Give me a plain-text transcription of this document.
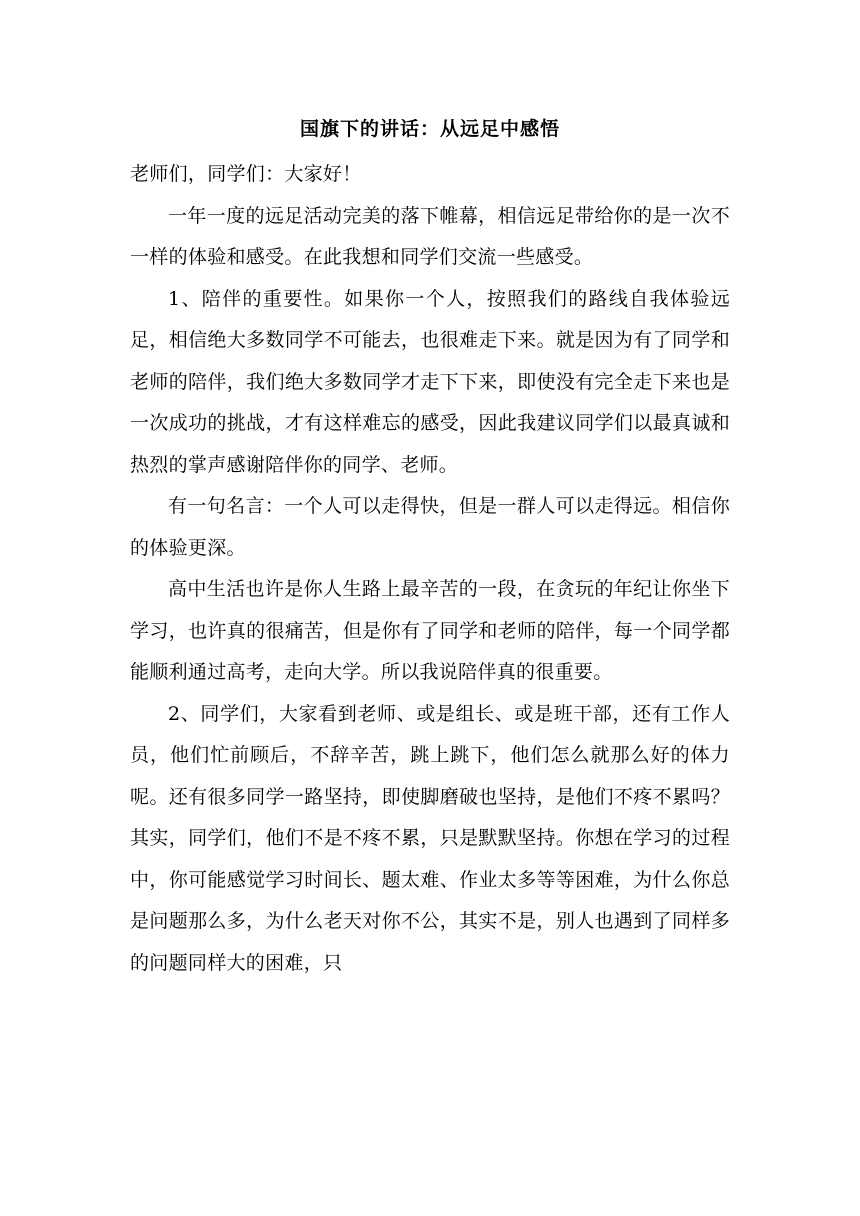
国旗下的讲话：从远足中感悟

老师们，同学们：大家好！

一年一度的远足活动完美的落下帷幕，相信远足带给你的是一次不一样的体验和感受。在此我想和同学们交流一些感受。

1、陪伴的重要性。如果你一个人，按照我们的路线自我体验远足，相信绝大多数同学不可能去，也很难走下来。就是因为有了同学和老师的陪伴，我们绝大多数同学才走下下来，即使没有完全走下来也是一次成功的挑战，才有这样难忘的感受，因此我建议同学们以最真诚和热烈的掌声感谢陪伴你的同学、老师。

有一句名言：一个人可以走得快，但是一群人可以走得远。相信你的体验更深。

高中生活也许是你人生路上最辛苦的一段，在贪玩的年纪让你坐下学习，也许真的很痛苦，但是你有了同学和老师的陪伴，每一个同学都能顺利通过高考，走向大学。所以我说陪伴真的很重要。

2、同学们，大家看到老师、或是组长、或是班干部，还有工作人员，他们忙前顾后，不辞辛苦，跳上跳下，他们怎么就那么好的体力呢。还有很多同学一路坚持，即使脚磨破也坚持，是他们不疼不累吗？其实，同学们，他们不是不疼不累，只是默默坚持。你想在学习的过程中，你可能感觉学习时间长、题太难、作业太多等等困难，为什么你总是问题那么多，为什么老天对你不公，其实不是，别人也遇到了同样多的问题同样大的困难，只
